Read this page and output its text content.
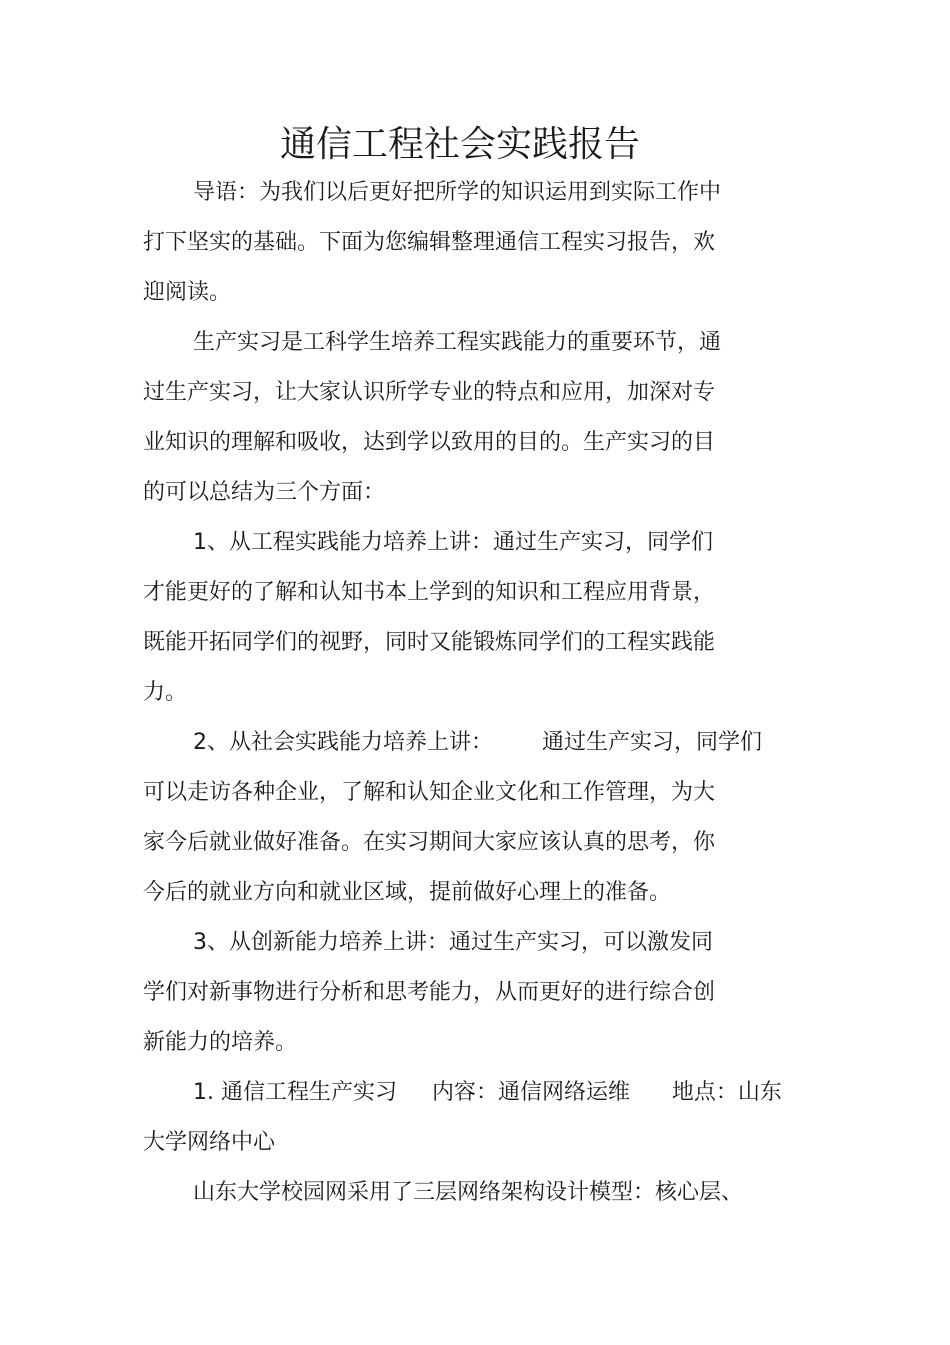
通信工程社会实践报告
导语：为我们以后更好把所学的知识运用到实际工作中
打下坚实的基础。下面为您编辑整理通信工程实习报告，欢
迎阅读。
生产实习是工科学生培养工程实践能力的重要环节，通
过生产实习，让大家认识所学专业的特点和应用，加深对专
业知识的理解和吸收，达到学以致用的目的。生产实习的目
的可以总结为三个方面：
1、从工程实践能力培养上讲：通过生产实习，同学们
才能更好的了解和认知书本上学到的知识和工程应用背景，
既能开拓同学们的视野，同时又能锻炼同学们的工程实践能
力。
2、从社会实践能力培养上讲：       通过生产实习，同学们
可以走访各种企业，了解和认知企业文化和工作管理，为大
家今后就业做好准备。在实习期间大家应该认真的思考，你
今后的就业方向和就业区域，提前做好心理上的准备。
3、从创新能力培养上讲：通过生产实习，可以激发同
学们对新事物进行分析和思考能力，从而更好的进行综合创
新能力的培养。
1. 通信工程生产实习     内容：通信网络运维      地点：山东
大学网络中心
山东大学校园网采用了三层网络架构设计模型：核心层、
